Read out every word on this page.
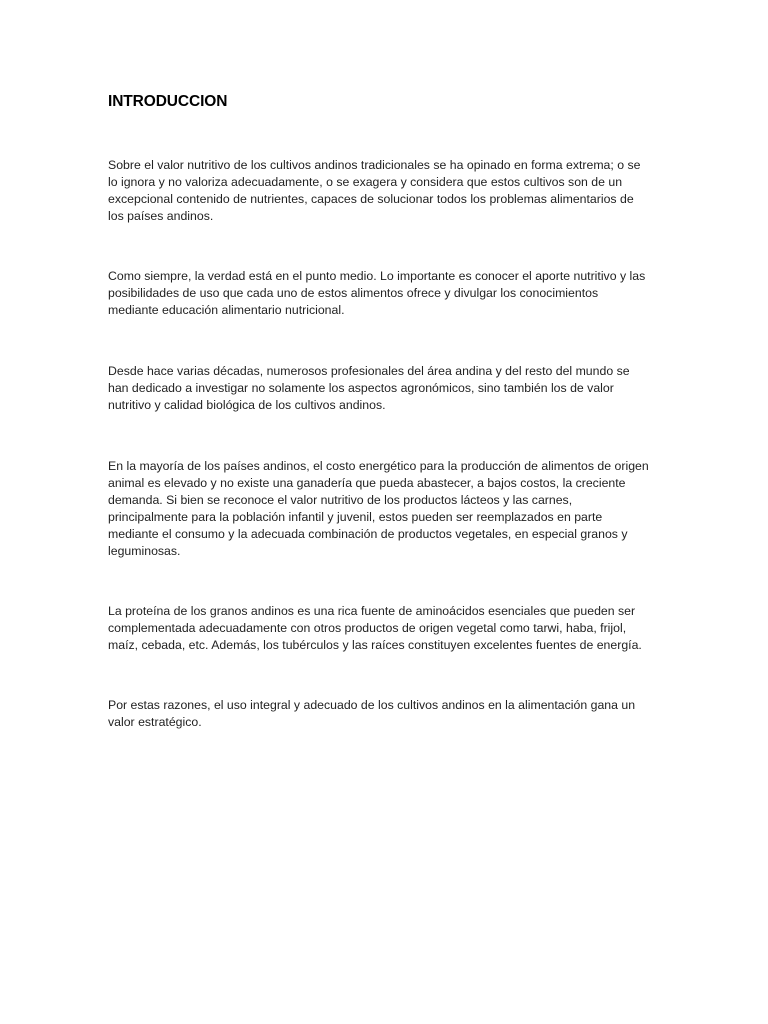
INTRODUCCION

Sobre el valor nutritivo de los cultivos andinos tradicionales se ha opinado en forma extrema; o se
lo ignora y no valoriza adecuadamente, o se exagera y considera que estos cultivos son de un
excepcional contenido de nutrientes, capaces de solucionar todos los problemas alimentarios de
los países andinos.

Como siempre, la verdad está en el punto medio. Lo importante es conocer el aporte nutritivo y las
posibilidades de uso que cada uno de estos alimentos ofrece y divulgar los conocimientos
mediante educación alimentario nutricional.

Desde hace varias décadas, numerosos profesionales del área andina y del resto del mundo se
han dedicado a investigar no solamente los aspectos agronómicos, sino también los de valor
nutritivo y calidad biológica de los cultivos andinos.

En la mayoría de los países andinos, el costo energético para la producción de alimentos de origen
animal es elevado y no existe una ganadería que pueda abastecer, a bajos costos, la creciente
demanda. Si bien se reconoce el valor nutritivo de los productos lácteos y las carnes,
principalmente para la población infantil y juvenil, estos pueden ser reemplazados en parte
mediante el consumo y la adecuada combinación de productos vegetales, en especial granos y
leguminosas.

La proteína de los granos andinos es una rica fuente de aminoácidos esenciales que pueden ser
complementada adecuadamente con otros productos de origen vegetal como tarwi, haba, frijol,
maíz, cebada, etc. Además, los tubérculos y las raíces constituyen excelentes fuentes de energía.

Por estas razones, el uso integral y adecuado de los cultivos andinos en la alimentación gana un
valor estratégico.
